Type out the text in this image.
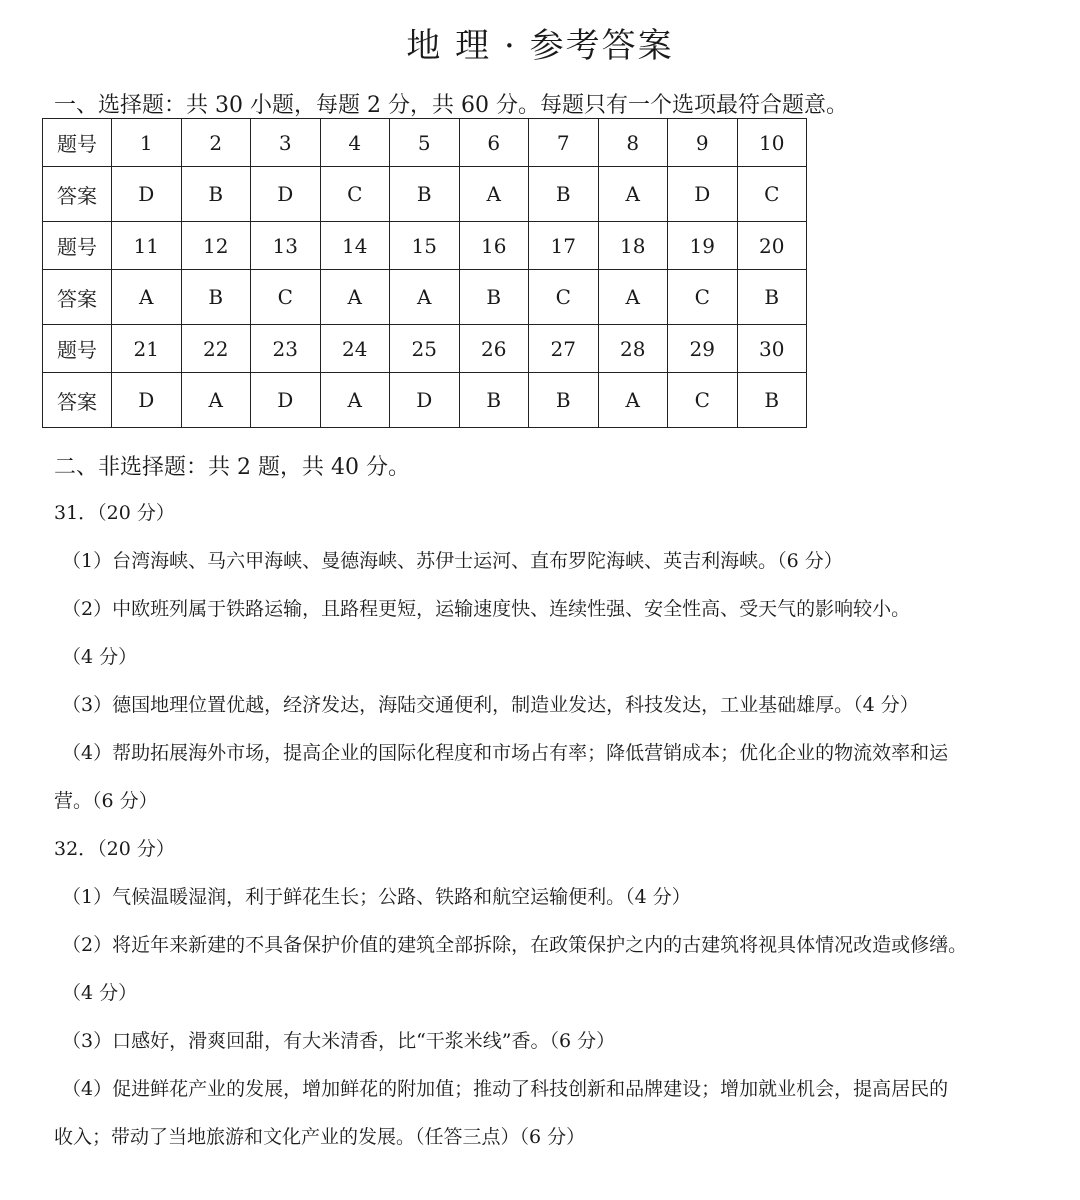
地 理 · 参考答案
一、选择题：共 30 小题，每题 2 分，共 60 分。每题只有一个选项最符合题意。
题号	1	2	3	4	5	6	7	8	9	10
答案	D	B	D	C	B	A	B	A	D	C
题号	11	12	13	14	15	16	17	18	19	20
答案	A	B	C	A	A	B	C	A	C	B
题号	21	22	23	24	25	26	27	28	29	30
答案	D	A	D	A	D	B	B	A	C	B
二、非选择题：共 2 题，共 40 分。
31．（20 分）
（1）台湾海峡、马六甲海峡、曼德海峡、苏伊士运河、直布罗陀海峡、英吉利海峡。（6 分）
（2）中欧班列属于铁路运输，且路程更短，运输速度快、连续性强、安全性高、受天气的影响较小。
（4 分）
（3）德国地理位置优越，经济发达，海陆交通便利，制造业发达，科技发达，工业基础雄厚。（4 分）
（4）帮助拓展海外市场，提高企业的国际化程度和市场占有率；降低营销成本；优化企业的物流效率和运
营。（6 分）
32．（20 分）
（1）气候温暖湿润，利于鲜花生长；公路、铁路和航空运输便利。（4 分）
（2）将近年来新建的不具备保护价值的建筑全部拆除，在政策保护之内的古建筑将视具体情况改造或修缮。
（4 分）
（3）口感好，滑爽回甜，有大米清香，比“干浆米线”香。（6 分）
（4）促进鲜花产业的发展，增加鲜花的附加值；推动了科技创新和品牌建设；增加就业机会，提高居民的
收入；带动了当地旅游和文化产业的发展。（任答三点）（6 分）
